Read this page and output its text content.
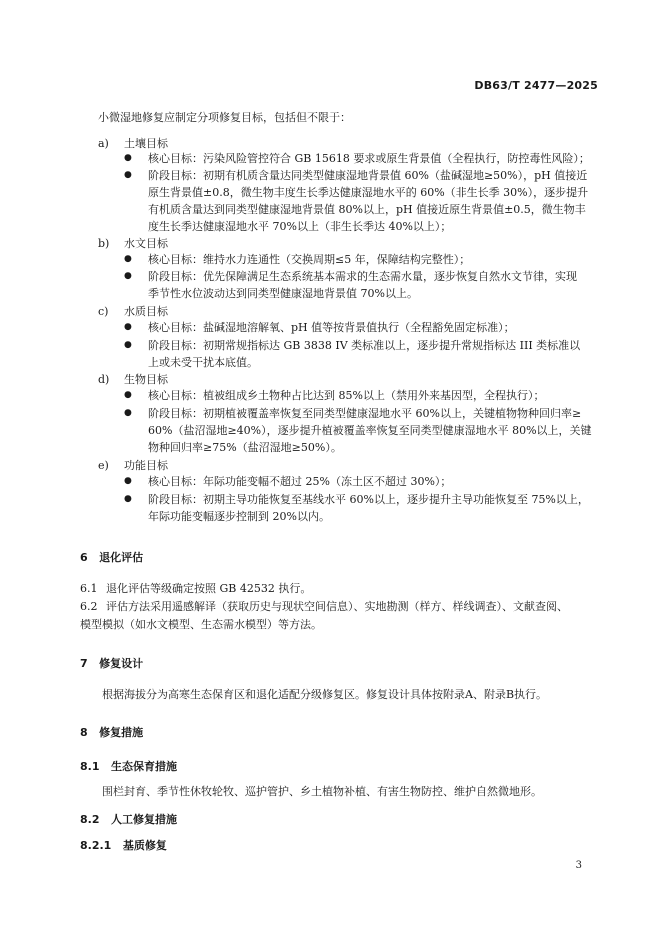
DB63/T 2477—2025
小微湿地修复应制定分项修复目标，包括但不限于：
a) 土壤目标
● 核心目标：污染风险管控符合 GB 15618 要求或原生背景值（全程执行，防控毒性风险）；
● 阶段目标：初期有机质含量达同类型健康湿地背景值 60%（盐碱湿地≥50%），pH 值接近
原生背景值±0.8，微生物丰度生长季达健康湿地水平的 60%（非生长季 30%），逐步提升
有机质含量达到同类型健康湿地背景值 80%以上，pH 值接近原生背景值±0.5，微生物丰
度生长季达健康湿地水平 70%以上（非生长季达 40%以上）；
b) 水文目标
● 核心目标：维持水力连通性（交换周期≤5 年，保障结构完整性）；
● 阶段目标：优先保障满足生态系统基本需求的生态需水量，逐步恢复自然水文节律，实现
季节性水位波动达到同类型健康湿地背景值 70%以上。
c) 水质目标
● 核心目标：盐碱湿地溶解氧、pH 值等按背景值执行（全程豁免固定标准）；
● 阶段目标：初期常规指标达 GB 3838 IV 类标准以上，逐步提升常规指标达 III 类标准以
上或未受干扰本底值。
d) 生物目标
● 核心目标：植被组成乡土物种占比达到 85%以上（禁用外来基因型，全程执行）；
● 阶段目标：初期植被覆盖率恢复至同类型健康湿地水平 60%以上，关键植物物种回归率≥
60%（盐沼湿地≥40%），逐步提升植被覆盖率恢复至同类型健康湿地水平 80%以上，关键
物种回归率≥75%（盐沼湿地≥50%）。
e) 功能目标
● 核心目标：年际功能变幅不超过 25%（冻土区不超过 30%）；
● 阶段目标：初期主导功能恢复至基线水平 60%以上，逐步提升主导功能恢复至 75%以上，
年际功能变幅逐步控制到 20%以内。
6 退化评估
6.1 退化评估等级确定按照 GB 42532 执行。
6.2 评估方法采用遥感解译（获取历史与现状空间信息）、实地勘测（样方、样线调查）、文献查阅、
模型模拟（如水文模型、生态需水模型）等方法。
7 修复设计
根据海拔分为高寒生态保育区和退化适配分级修复区。修复设计具体按附录A、附录B执行。
8 修复措施
8.1 生态保育措施
围栏封育、季节性休牧轮牧、巡护管护、乡土植物补植、有害生物防控、维护自然微地形。
8.2 人工修复措施
8.2.1 基质修复
3
